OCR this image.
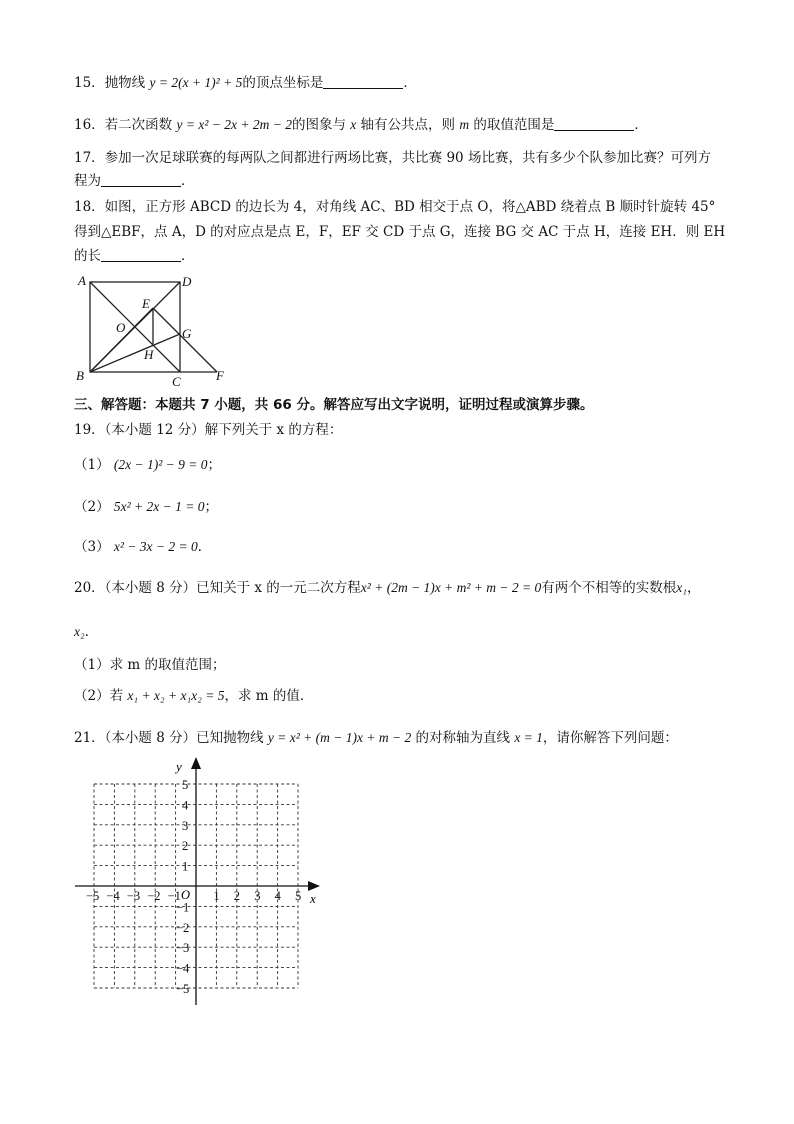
15．抛物线 y = 2(x + 1)² + 5的顶点坐标是	．
16．若二次函数 y = x² − 2x + 2m − 2的图象与 x 轴有公共点，则 m 的取值范围是	．
17．参加一次足球联赛的每两队之间都进行两场比赛，共比赛 90 场比赛，共有多少个队参加比赛？可列方
程为	．
18．如图，正方形 ABCD 的边长为 4，对角线 AC、BD 相交于点 O，将△ABD 绕着点 B 顺时针旋转 45°
得到△EBF，点 A，D 的对应点是点 E，F，EF 交 CD 于点 G，连接 BG 交 AC 于点 H，连接 EH．则 EH
的长	．
A	D
E
O	G
H
B	C	F
三、解答题：本题共 7 小题，共 66 分。解答应写出文字说明，证明过程或演算步骤。
19．（本小题 12 分）解下列关于 x 的方程：
（1） (2x − 1)² − 9 = 0；
（2） 5x² + 2x − 1 = 0；
（3） x² − 3x − 2 = 0．
20．（本小题 8 分）已知关于 x 的一元二次方程x² + (2m − 1)x + m² + m − 2 = 0有两个不相等的实数根x₁，
x₂．
（1）求 m 的取值范围；
（2）若 x₁ + x₂ + x₁x₂ = 5，求 m 的值．
21．（本小题 8 分）已知抛物线 y = x² + (m − 1)x + m − 2 的对称轴为直线 x = 1，请你解答下列问题：
−5 −4 −3 −2 −1	1 2 3 4 5
5
4
3
2
1
−1
−2
−3
−4
−5
x
y
O
